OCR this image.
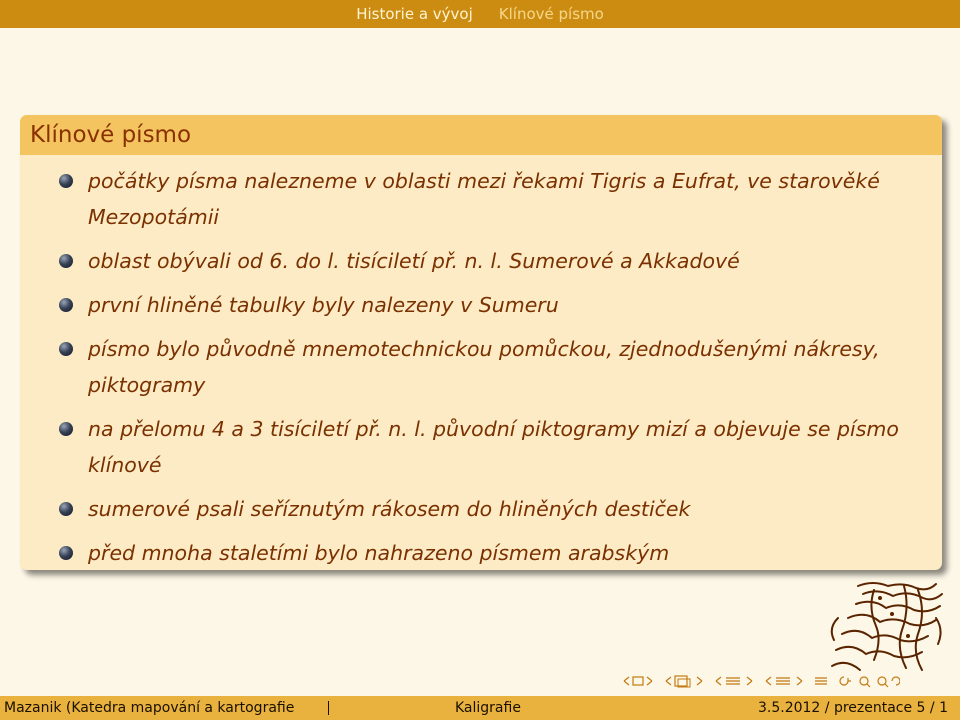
Historie a vývoj Klínové písmo
Klínové písmo
počátky písma nalezneme v oblasti mezi řekami Tigris a Eufrat, ve starověké Mezopotámii
oblast obývali od 6. do l. tisíciletí př. n. l. Sumerové a Akkadové
první hliněné tabulky byly nalezeny v Sumeru
písmo bylo původně mnemotechnickou pomůckou, zjednodušenými nákresy, piktogramy
na přelomu 4 a 3 tisíciletí př. n. l. původní piktogramy mizí a objevuje se písmo klínové
sumerové psali seříznutým rákosem do hliněných destiček
před mnoha staletími bylo nahrazeno písmem arabským
Mazanik (Katedra mapování a kartografie	Kaligrafie	3.5.2012 / prezentace 5 / 1
